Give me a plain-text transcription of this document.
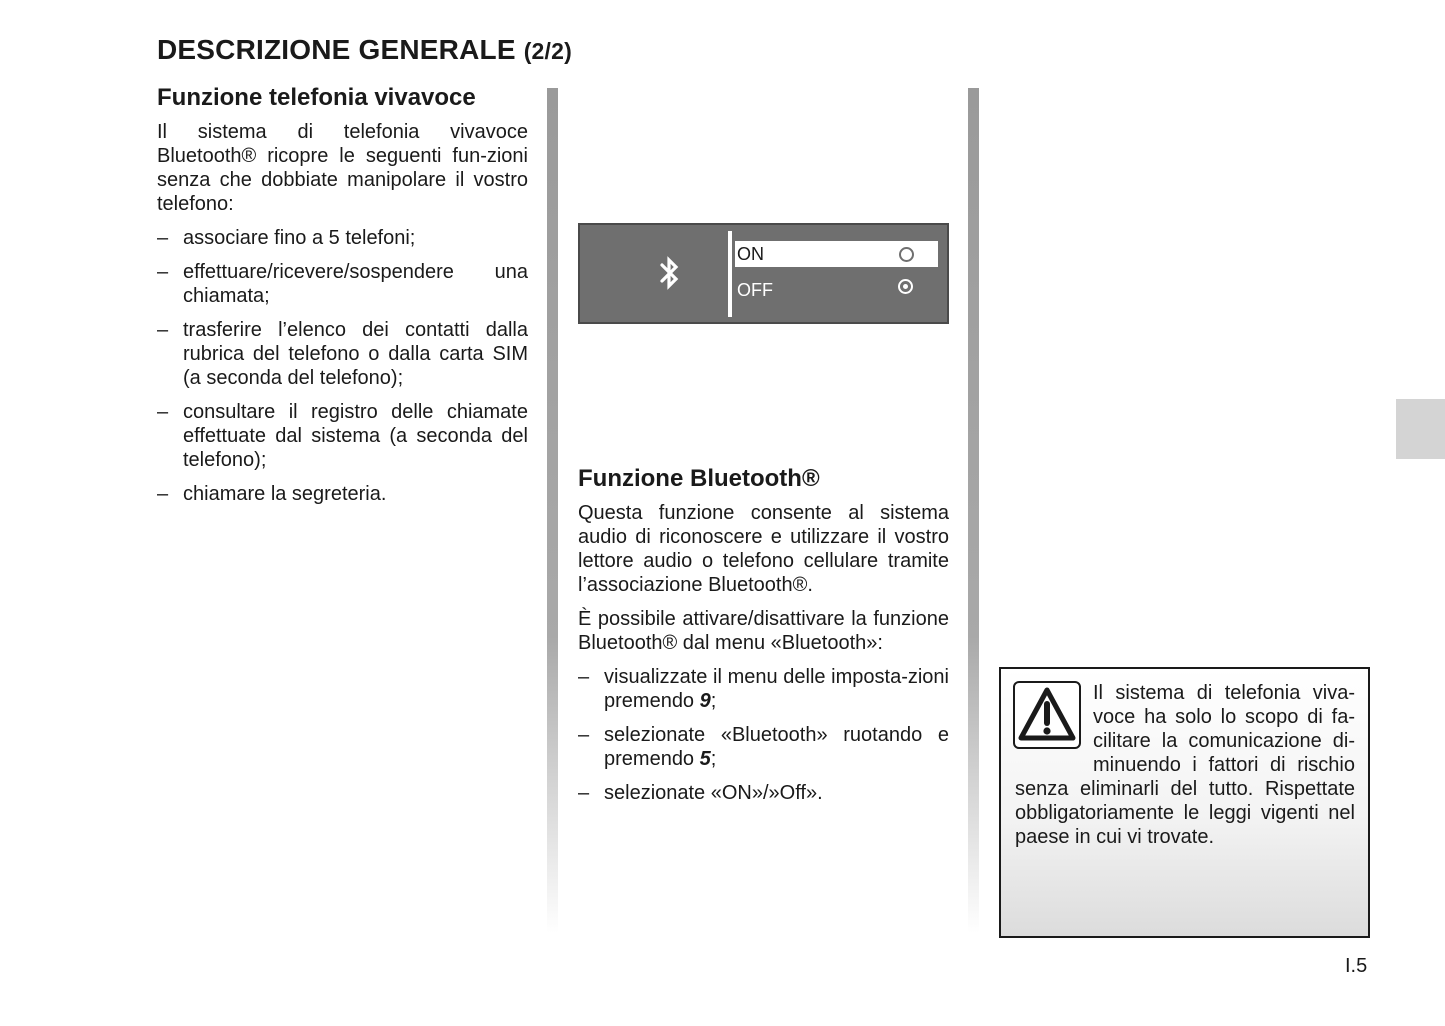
DESCRIZIONE GENERALE (2/2)
Funzione telefonia vivavoce

Il sistema di telefonia vivavoce Bluetooth® ricopre le seguenti fun-zioni senza che dobbiate manipolare il vostro telefono:

– associare fino a 5 telefoni;
– effettuare/ricevere/sospendere una chiamata;
– trasferire l’elenco dei contatti dalla rubrica del telefono o dalla carta SIM (a seconda del telefono);
– consultare il registro delle chiamate effettuate dal sistema (a seconda del telefono);
– chiamare la segreteria.
ON
OFF
Funzione Bluetooth®

Questa funzione consente al sistema audio di riconoscere e utilizzare il vostro lettore audio o telefono cellulare tramite l’associazione Bluetooth®.

È possibile attivare/disattivare la funzione Bluetooth® dal menu «Bluetooth»:

– visualizzate il menu delle imposta-zioni premendo 9;
– selezionate «Bluetooth» ruotando e premendo 5;
– selezionate «ON»/»Off».
Il sistema di telefonia viva-voce ha solo lo scopo di fa-cilitare la comunicazione di-minuendo i fattori di rischio senza eliminarli del tutto. Rispettate obbligatoriamente le leggi vigenti nel paese in cui vi trovate.
I.5
